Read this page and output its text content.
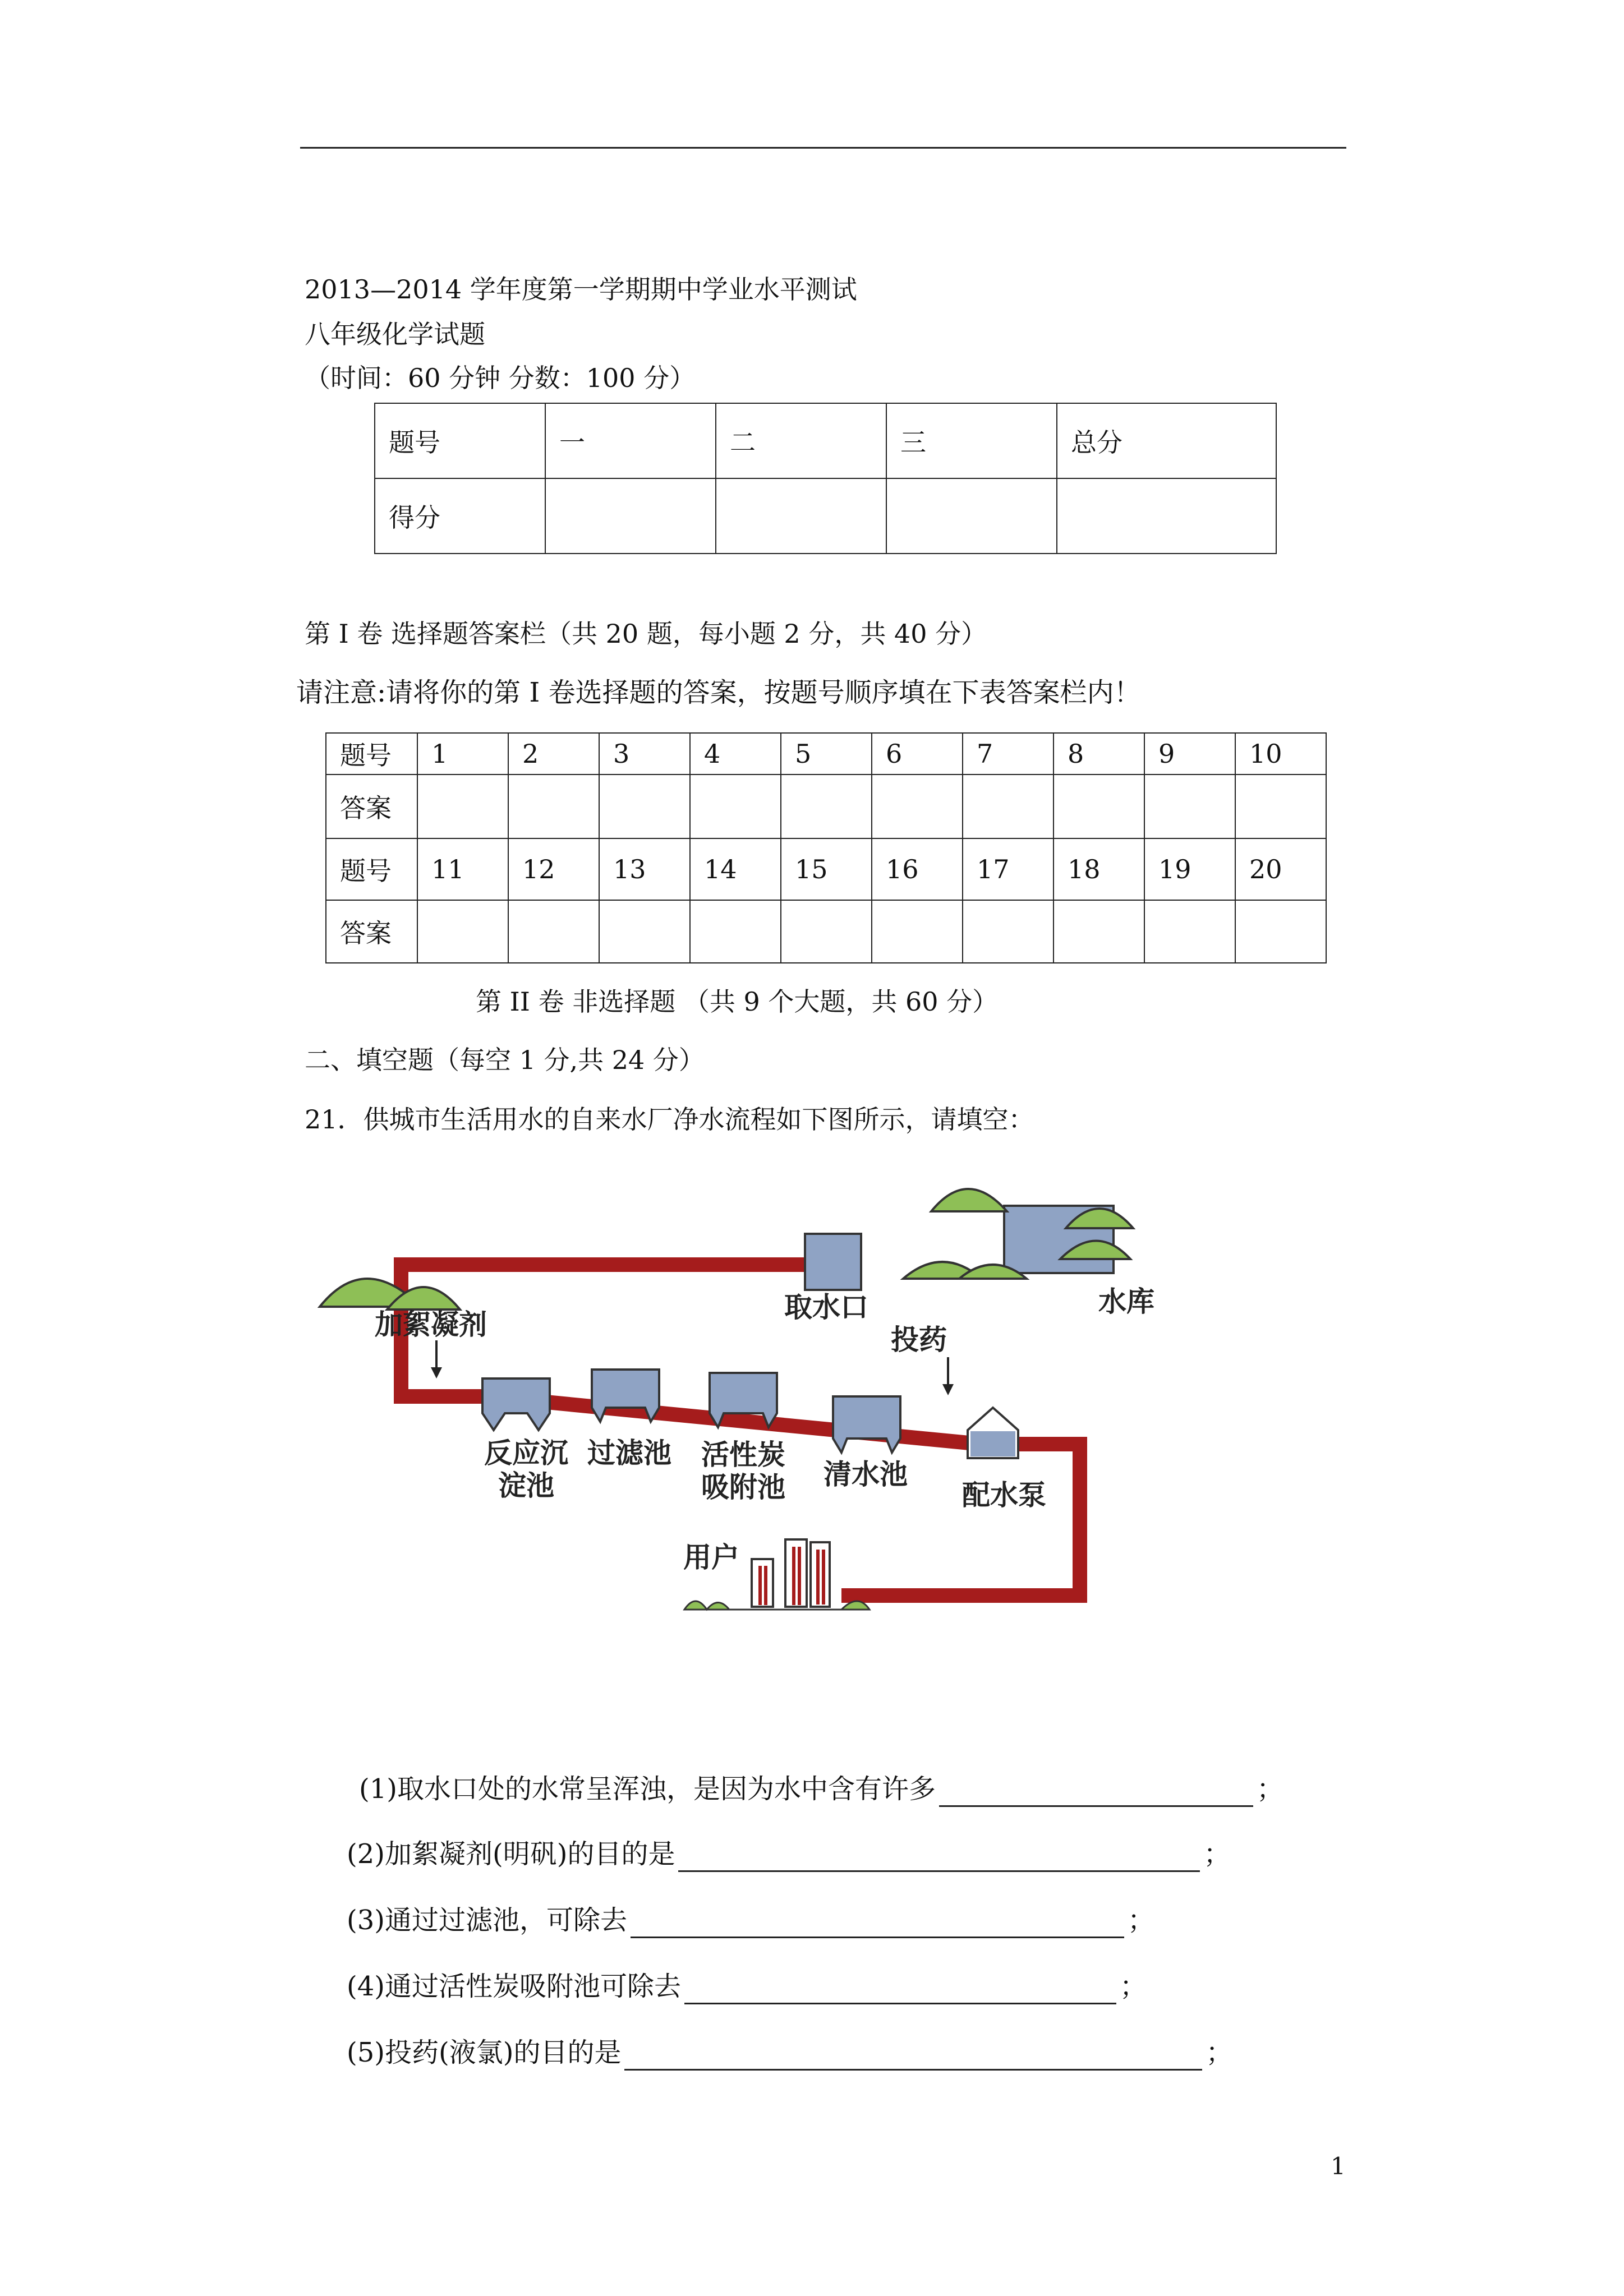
2013—2014 学年度第一学期期中学业水平测试
八年级化学试题
（时间：60 分钟 分数：100 分）
题号	一	二	三	总分
得分				
第 I 卷 选择题答案栏（共 20 题，每小题 2 分，共 40 分）
请注意:请将你的第 I 卷选择题的答案，按题号顺序填在下表答案栏内！
题号	1	2	3	4	5	6	7	8	9	10
答案										
题号	11	12	13	14	15	16	17	18	19	20
答案										
第 II 卷 非选择题 （共 9 个大题，共 60 分）
二、填空题（每空 1 分,共 24 分）
21．供城市生活用水的自来水厂净水流程如下图所示，请填空：
取水口	水库
加絮凝剂	投药
反应沉
淀池
过滤池 活性炭
吸附池 清水池
配水泵
用户
(1)取水口处的水常呈浑浊，是因为水中含有许多	；
(2)加絮凝剂(明矾)的目的是	；
(3)通过过滤池，可除去	；
(4)通过活性炭吸附池可除去	；
(5)投药(液氯)的目的是	；
1
